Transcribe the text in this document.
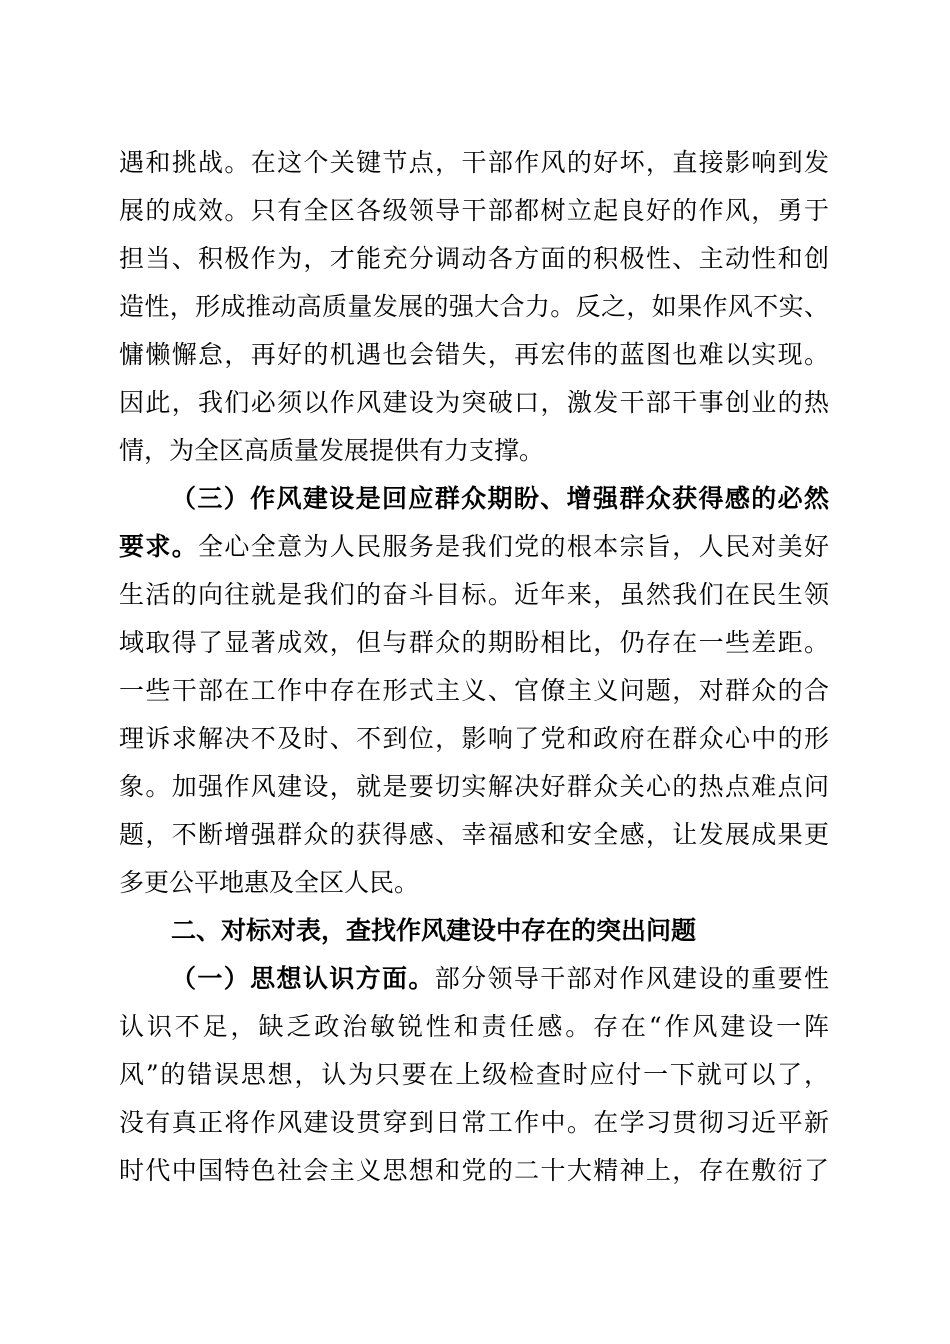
遇和挑战。在这个关键节点，干部作风的好坏，直接影响到发
展的成效。只有全区各级领导干部都树立起良好的作风，勇于
担当、积极作为，才能充分调动各方面的积极性、主动性和创
造性，形成推动高质量发展的强大合力。反之，如果作风不实、
慵懒懈怠，再好的机遇也会错失，再宏伟的蓝图也难以实现。
因此，我们必须以作风建设为突破口，激发干部干事创业的热
情，为全区高质量发展提供有力支撑。
（三）作风建设是回应群众期盼、增强群众获得感的必然
要求。全心全意为人民服务是我们党的根本宗旨，人民对美好
生活的向往就是我们的奋斗目标。近年来，虽然我们在民生领
域取得了显著成效，但与群众的期盼相比，仍存在一些差距。
一些干部在工作中存在形式主义、官僚主义问题，对群众的合
理诉求解决不及时、不到位，影响了党和政府在群众心中的形
象。加强作风建设，就是要切实解决好群众关心的热点难点问
题，不断增强群众的获得感、幸福感和安全感，让发展成果更
多更公平地惠及全区人民。
二、对标对表，查找作风建设中存在的突出问题
（一）思想认识方面。部分领导干部对作风建设的重要性
认识不足，缺乏政治敏锐性和责任感。存在“作风建设一阵
风”的错误思想，认为只要在上级检查时应付一下就可以了，
没有真正将作风建设贯穿到日常工作中。在学习贯彻习近平新
时代中国特色社会主义思想和党的二十大精神上，存在敷衍了
